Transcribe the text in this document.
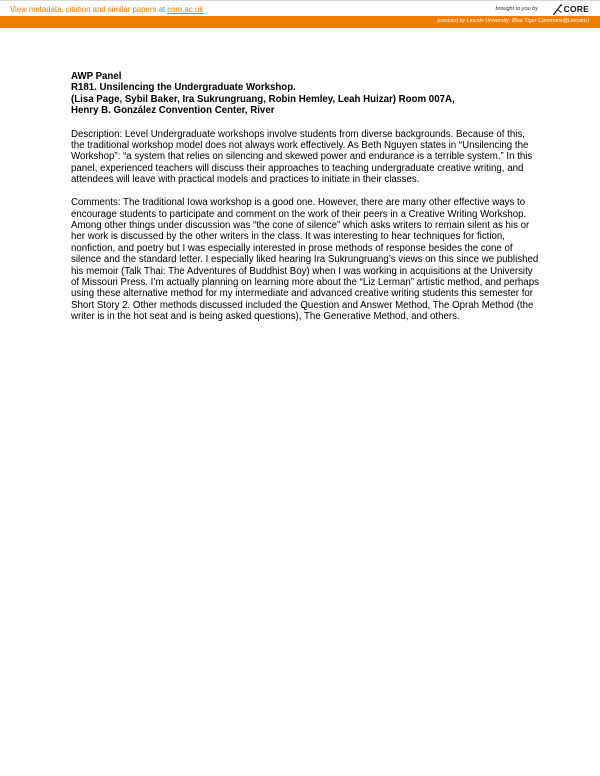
View metadata, citation and similar papers at core.ac.uk	brought to you by	CORE
provided by Lincoln University: Blue Tiger Commons@LincolnU
AWP Panel
R181. Unsilencing the Undergraduate Workshop.
(Lisa Page, Sybil Baker, Ira Sukrungruang, Robin Hemley, Leah Huizar) Room 007A,
Henry B. González Convention Center, River

Description: Level Undergraduate workshops involve students from diverse backgrounds. Because of this, the traditional workshop model does not always work effectively. As Beth Nguyen states in “Unsilencing the Workshop”: “a system that relies on silencing and skewed power and endurance is a terrible system.” In this panel, experienced teachers will discuss their approaches to teaching undergraduate creative writing, and attendees will leave with practical models and practices to initiate in their classes.

Comments: The traditional Iowa workshop is a good one. However, there are many other effective ways to encourage students to participate and comment on the work of their peers in a Creative Writing Workshop. Among other things under discussion was “the cone of silence” which asks writers to remain silent as his or her work is discussed by the other writers in the class. It was interesting to hear techniques for fiction, nonfiction, and poetry but I was especially interested in prose methods of response besides the cone of silence and the standard letter. I especially liked hearing Ira Sukrungruang’s views on this since we published his memoir (Talk Thai: The Adventures of Buddhist Boy) when I was working in acquisitions at the University of Missouri Press. I’m actually planning on learning more about the “Liz Lerman” artistic method, and perhaps using these alternative method for my intermediate and advanced creative writing students this semester for Short Story 2. Other methods discussed included the Question and Answer Method, The Oprah Method (the writer is in the hot seat and is being asked questions), The Generative Method, and others.
